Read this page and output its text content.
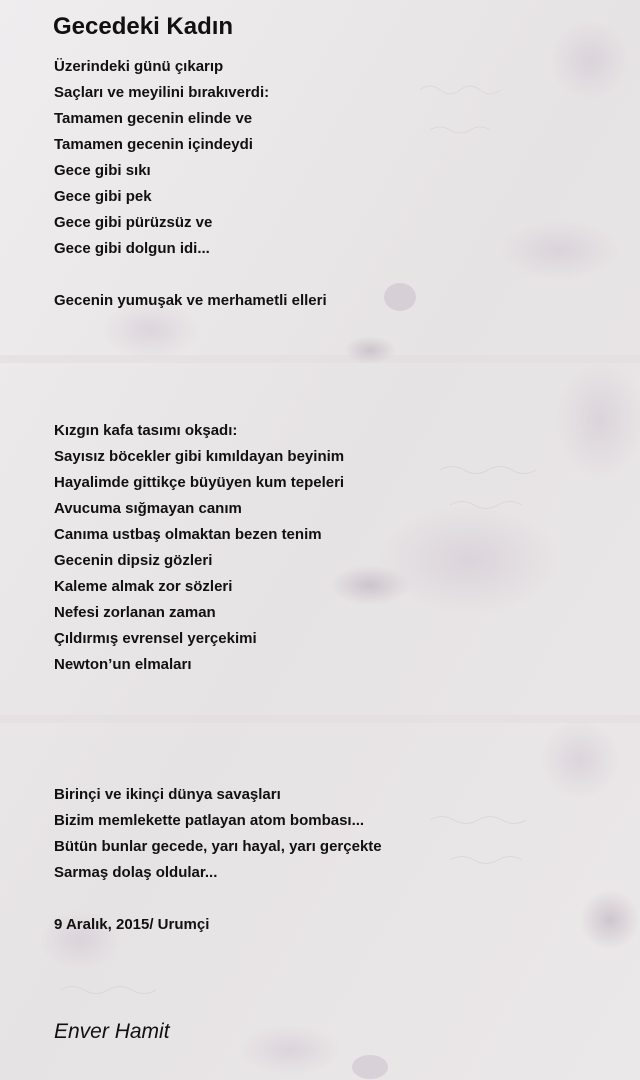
Gecedeki Kadın
Üzerindeki günü çıkarıp
Saçları ve meyilini bırakıverdi:
Tamamen gecenin elinde ve
Tamamen gecenin içindeydi
Gece gibi sıkı
Gece gibi pek
Gece gibi pürüzsüz ve
Gece gibi dolgun idi...

Gecenin yumuşak ve merhametli elleri

Kızgın kafa tasımı okşadı:
Sayısız böcekler gibi kımıldayan beyinim
Hayalimde gittikçe büyüyen kum tepeleri
Avucuma sığmayan canım
Canıma ustbaş olmaktan bezen tenim
Gecenin dipsiz gözleri
Kaleme almak zor sözleri
Nefesi zorlanan zaman
Çıldırmış evrensel yerçekimi
Newton’un elmaları

Birinçi ve ikinçi dünya savaşları
Bizim memlekette patlayan atom bombası...
Bütün bunlar gecede, yarı hayal, yarı gerçekte
Sarmaş dolaş oldular...

9 Aralık, 2015/ Urumçi
Enver Hamit
